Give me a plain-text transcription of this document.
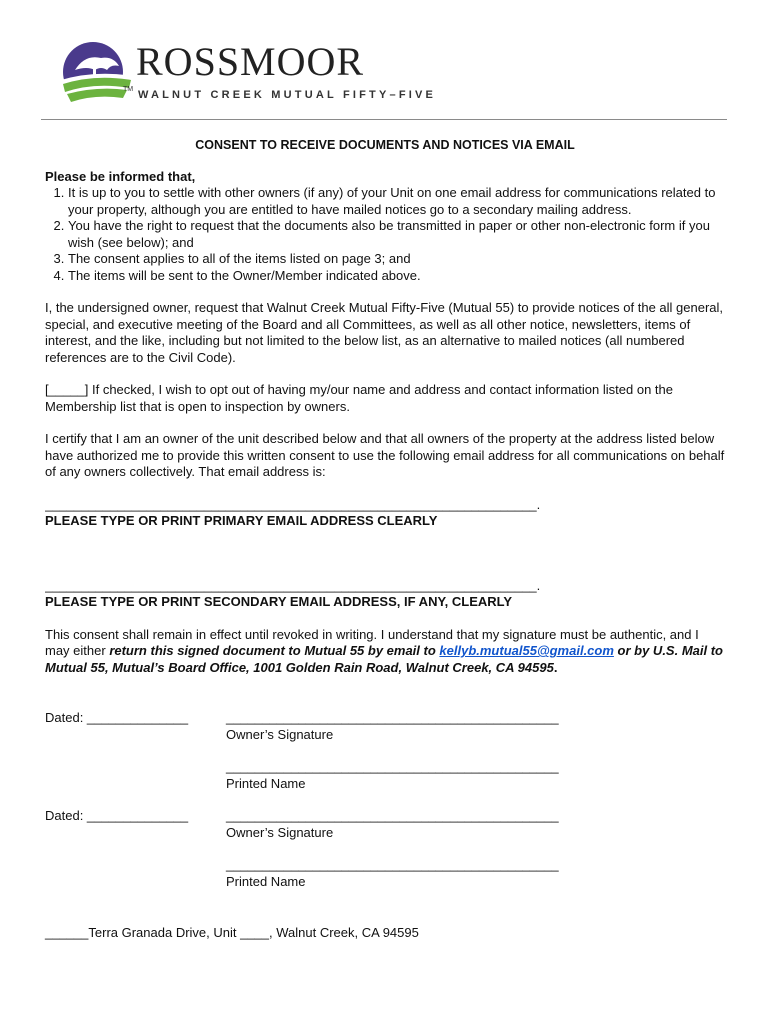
ROSSMOOR
TM WALNUT CREEK MUTUAL FIFTY–FIVE

CONSENT TO RECEIVE DOCUMENTS AND NOTICES VIA EMAIL

Please be informed that,

1. It is up to you to settle with other owners (if any) of your Unit on one email address for communications related to your property, although you are entitled to have mailed notices go to a secondary mailing address.
2. You have the right to request that the documents also be transmitted in paper or other non-electronic form if you wish (see below); and
3. The consent applies to all of the items listed on page 3; and
4. The items will be sent to the Owner/Member indicated above.

I, the undersigned owner, request that Walnut Creek Mutual Fifty-Five (Mutual 55) to provide notices of the all general, special, and executive meeting of the Board and all Committees, as well as all other notice, newsletters, items of interest, and the like, including but not limited to the below list, as an alternative to mailed notices (all numbered references are to the Civil Code).

[_____] If checked, I wish to opt out of having my/our name and address and contact information listed on the Membership list that is open to inspection by owners.

I certify that I am an owner of the unit described below and that all owners of the property at the address listed below have authorized me to provide this written consent to use the following email address for all communications on behalf of any owners collectively. That email address is:

____________________________________________________________________.

PLEASE TYPE OR PRINT PRIMARY EMAIL ADDRESS CLEARLY

____________________________________________________________________.

PLEASE TYPE OR PRINT SECONDARY EMAIL ADDRESS, IF ANY, CLEARLY

This consent shall remain in effect until revoked in writing. I understand that my signature must be authentic, and I may either return this signed document to Mutual 55 by email to kellyb.mutual55@gmail.com or by U.S. Mail to Mutual 55, Mutual’s Board Office, 1001 Golden Rain Road, Walnut Creek, CA 94595.

Dated: ______________	______________________________________________
Owner’s Signature
______________________________________________
Printed Name
Dated: ______________	______________________________________________
Owner’s Signature
______________________________________________
Printed Name
______Terra Granada Drive, Unit ____, Walnut Creek, CA 94595
